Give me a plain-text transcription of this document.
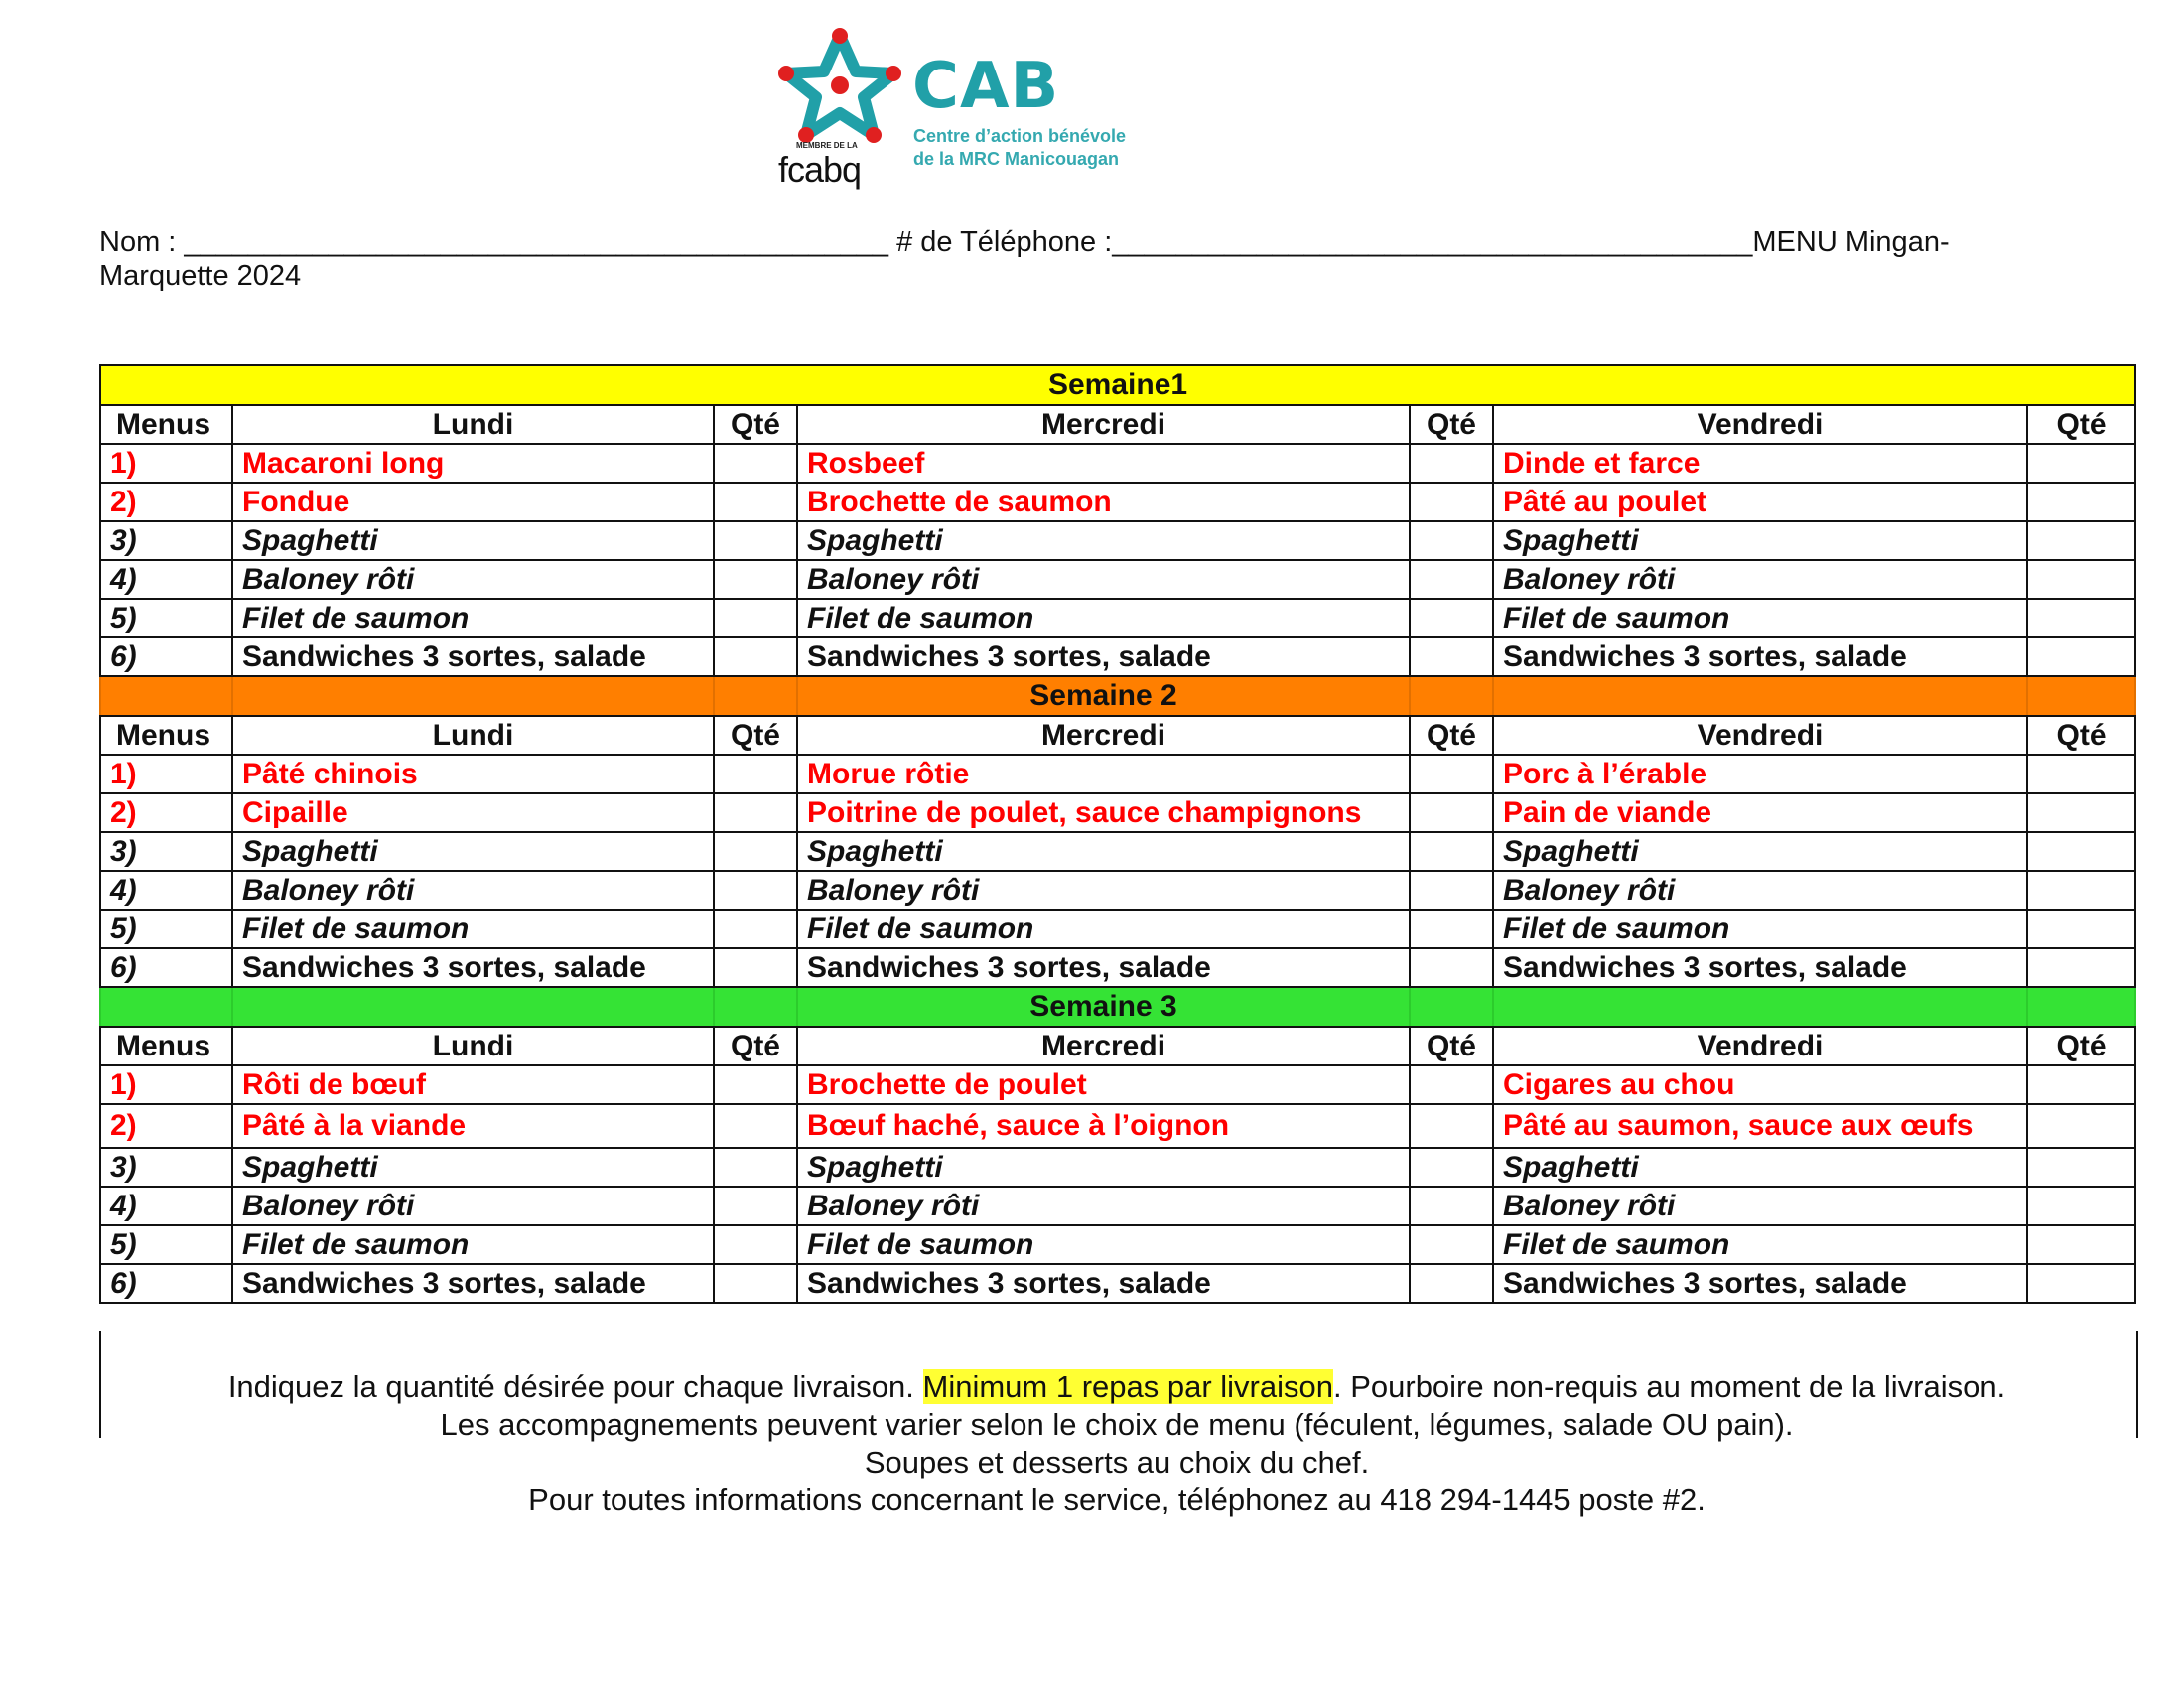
MEMBRE DE LA
fcabq
CAB
Centre d’action bénévole
de la MRC Manicouagan
Nom : ____________________________________________ # de Téléphone :________________________________________MENU Mingan-
Marquette 2024
Semaine1						
Menus	Lundi	Qté	Mercredi	Qté	Vendredi	Qté
1)	Macaroni long		Rosbeef		Dinde et farce	
2)	Fondue		Brochette de saumon		Pâté au poulet	
3)	Spaghetti		Spaghetti		Spaghetti	
4)	Baloney rôti		Baloney rôti		Baloney rôti	
5)	Filet de saumon		Filet de saumon		Filet de saumon	
6)	Sandwiches 3 sortes, salade		Sandwiches 3 sortes, salade		Sandwiches 3 sortes, salade	
			Semaine 2			
Menus	Lundi	Qté	Mercredi	Qté	Vendredi	Qté
1)	Pâté chinois		Morue rôtie		Porc à l’érable	
2)	Cipaille		Poitrine de poulet, sauce champignons		Pain de viande	
3)	Spaghetti		Spaghetti		Spaghetti	
4)	Baloney rôti		Baloney rôti		Baloney rôti	
5)	Filet de saumon		Filet de saumon		Filet de saumon	
6)	Sandwiches 3 sortes, salade		Sandwiches 3 sortes, salade		Sandwiches 3 sortes, salade	
			Semaine 3			
Menus	Lundi	Qté	Mercredi	Qté	Vendredi	Qté
1)	Rôti de bœuf		Brochette de poulet		Cigares au chou	
2)	Pâté à la viande		Bœuf haché, sauce à l’oignon		Pâté au saumon, sauce aux œufs	
3)	Spaghetti		Spaghetti		Spaghetti	
4)	Baloney rôti		Baloney rôti		Baloney rôti	
5)	Filet de saumon		Filet de saumon		Filet de saumon	
6)	Sandwiches 3 sortes, salade		Sandwiches 3 sortes, salade		Sandwiches 3 sortes, salade	
Indiquez la quantité désirée pour chaque livraison. Minimum 1 repas par livraison. Pourboire non-requis au moment de la livraison.
Les accompagnements peuvent varier selon le choix de menu (féculent, légumes, salade OU pain).
Soupes et desserts au choix du chef.
Pour toutes informations concernant le service, téléphonez au 418 294-1445 poste #2.
